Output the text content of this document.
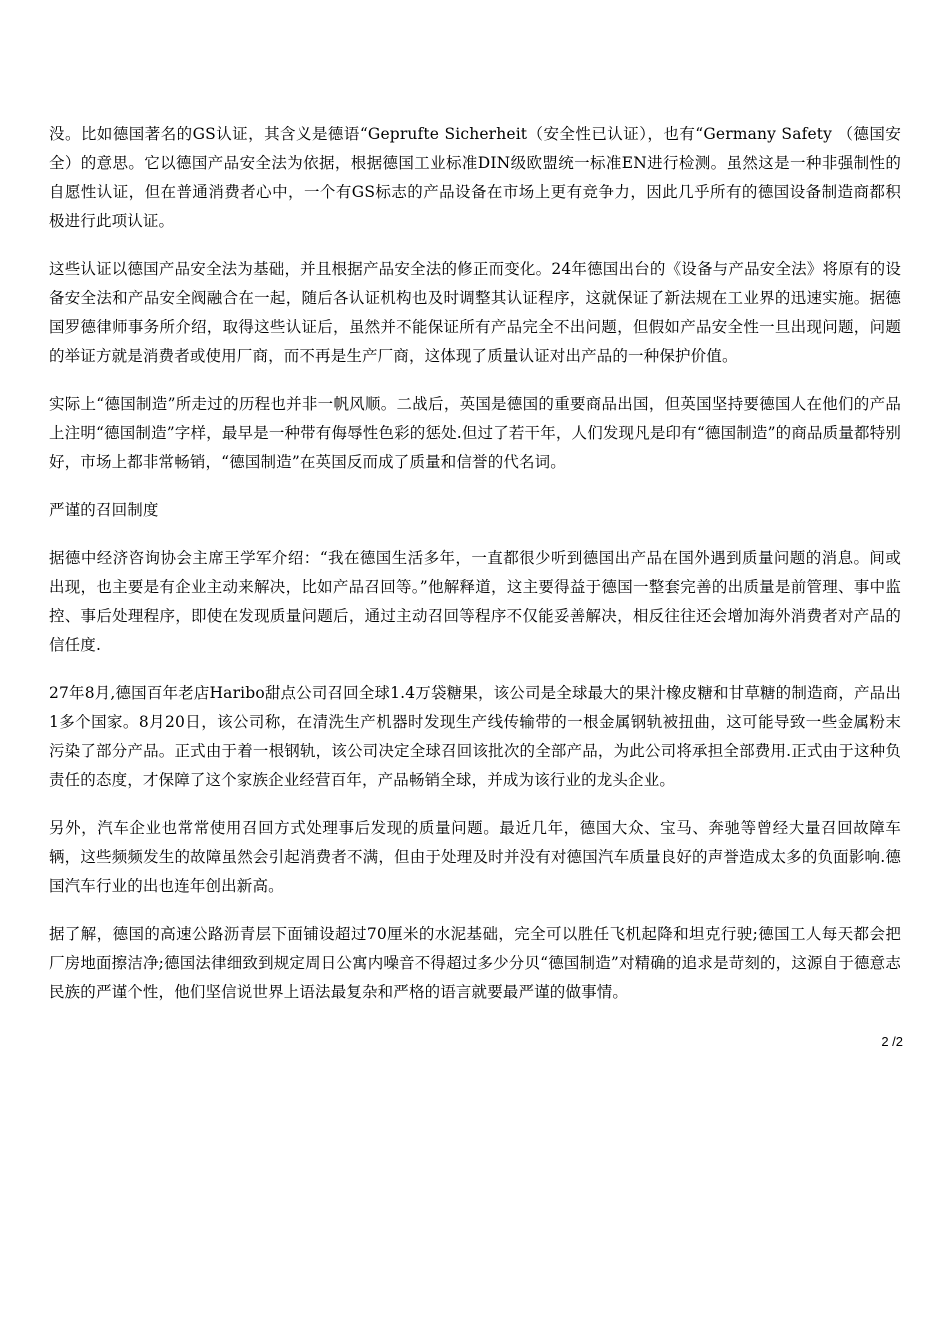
没。比如德国著名的GS认证，其含义是德语“Geprufte Sicherheit（安全性已认证），也有“Germany Safety （德国安全）的意思。它以德国产品安全法为依据，根据德国工业标准DIN级欧盟统一标准EN进行检测。虽然这是一种非强制性的自愿性认证，但在普通消费者心中，一个有GS标志的产品设备在市场上更有竞争力，因此几乎所有的德国设备制造商都积极进行此项认证。

这些认证以德国产品安全法为基础，并且根据产品安全法的修正而变化。24年德国出台的《设备与产品安全法》将原有的设备安全法和产品安全阀融合在一起，随后各认证机构也及时调整其认证程序，这就保证了新法规在工业界的迅速实施。据德国罗德律师事务所介绍，取得这些认证后，虽然并不能保证所有产品完全不出问题，但假如产品安全性一旦出现问题，问题的举证方就是消费者或使用厂商，而不再是生产厂商，这体现了质量认证对出产品的一种保护价值。

实际上“德国制造”所走过的历程也并非一帆风顺。二战后，英国是德国的重要商品出国，但英国坚持要德国人在他们的产品上注明“德国制造”字样，最早是一种带有侮辱性色彩的惩处.但过了若干年，人们发现凡是印有“德国制造”的商品质量都特别好，市场上都非常畅销，“德国制造”在英国反而成了质量和信誉的代名词。

严谨的召回制度

据德中经济咨询协会主席王学军介绍：“我在德国生活多年，一直都很少听到德国出产品在国外遇到质量问题的消息。间或出现，也主要是有企业主动来解决，比如产品召回等。”他解释道，这主要得益于德国一整套完善的出质量是前管理、事中监控、事后处理程序，即使在发现质量问题后，通过主动召回等程序不仅能妥善解决，相反往往还会增加海外消费者对产品的信任度.

27年8月,德国百年老店Haribo甜点公司召回全球1.4万袋糖果，该公司是全球最大的果汁橡皮糖和甘草糖的制造商，产品出 1多个国家。8月20日，该公司称，在清洗生产机器时发现生产线传输带的一根金属钢轨被扭曲，这可能导致一些金属粉末污染了部分产品。正式由于着一根钢轨，该公司决定全球召回该批次的全部产品，为此公司将承担全部费用.正式由于这种负责任的态度，才保障了这个家族企业经营百年，产品畅销全球，并成为该行业的龙头企业。

另外，汽车企业也常常使用召回方式处理事后发现的质量问题。最近几年，德国大众、宝马、奔驰等曾经大量召回故障车辆，这些频频发生的故障虽然会引起消费者不满，但由于处理及时并没有对德国汽车质量良好的声誉造成太多的负面影响.德国汽车行业的出也连年创出新高。

据了解，德国的高速公路沥青层下面铺设超过70厘米的水泥基础，完全可以胜任飞机起降和坦克行驶;德国工人每天都会把厂房地面擦洁净;德国法律细致到规定周日公寓内噪音不得超过多少分贝“德国制造”对精确的追求是苛刻的，这源自于德意志民族的严谨个性，他们坚信说世界上语法最复杂和严格的语言就要最严谨的做事情。

2 /2
